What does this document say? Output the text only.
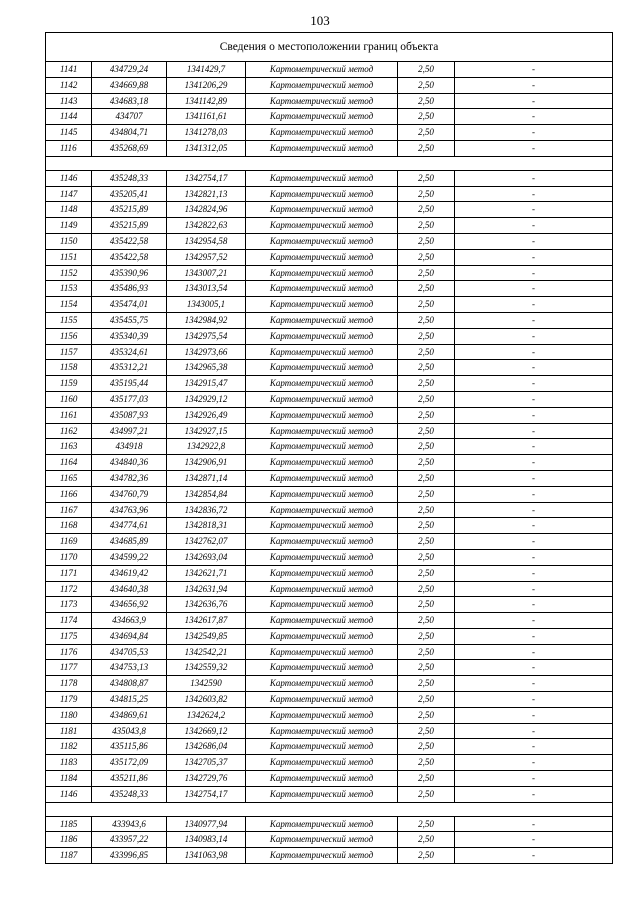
103
Сведения о местоположении границ объекта
1141	434729,24	1341429,7	Картометрический метод	2,50	-
1142	434669,88	1341206,29	Картометрический метод	2,50	-
1143	434683,18	1341142,89	Картометрический метод	2,50	-
1144	434707	1341161,61	Картометрический метод	2,50	-
1145	434804,71	1341278,03	Картометрический метод	2,50	-
1116	435268,69	1341312,05	Картометрический метод	2,50	-
1146	435248,33	1342754,17	Картометрический метод	2,50	-
1147	435205,41	1342821,13	Картометрический метод	2,50	-
1148	435215,89	1342824,96	Картометрический метод	2,50	-
1149	435215,89	1342822,63	Картометрический метод	2,50	-
1150	435422,58	1342954,58	Картометрический метод	2,50	-
1151	435422,58	1342957,52	Картометрический метод	2,50	-
1152	435390,96	1343007,21	Картометрический метод	2,50	-
1153	435486,93	1343013,54	Картометрический метод	2,50	-
1154	435474,01	1343005,1	Картометрический метод	2,50	-
1155	435455,75	1342984,92	Картометрический метод	2,50	-
1156	435340,39	1342975,54	Картометрический метод	2,50	-
1157	435324,61	1342973,66	Картометрический метод	2,50	-
1158	435312,21	1342965,38	Картометрический метод	2,50	-
1159	435195,44	1342915,47	Картометрический метод	2,50	-
1160	435177,03	1342929,12	Картометрический метод	2,50	-
1161	435087,93	1342926,49	Картометрический метод	2,50	-
1162	434997,21	1342927,15	Картометрический метод	2,50	-
1163	434918	1342922,8	Картометрический метод	2,50	-
1164	434840,36	1342906,91	Картометрический метод	2,50	-
1165	434782,36	1342871,14	Картометрический метод	2,50	-
1166	434760,79	1342854,84	Картометрический метод	2,50	-
1167	434763,96	1342836,72	Картометрический метод	2,50	-
1168	434774,61	1342818,31	Картометрический метод	2,50	-
1169	434685,89	1342762,07	Картометрический метод	2,50	-
1170	434599,22	1342693,04	Картометрический метод	2,50	-
1171	434619,42	1342621,71	Картометрический метод	2,50	-
1172	434640,38	1342631,94	Картометрический метод	2,50	-
1173	434656,92	1342636,76	Картометрический метод	2,50	-
1174	434663,9	1342617,87	Картометрический метод	2,50	-
1175	434694,84	1342549,85	Картометрический метод	2,50	-
1176	434705,53	1342542,21	Картометрический метод	2,50	-
1177	434753,13	1342559,32	Картометрический метод	2,50	-
1178	434808,87	1342590	Картометрический метод	2,50	-
1179	434815,25	1342603,82	Картометрический метод	2,50	-
1180	434869,61	1342624,2	Картометрический метод	2,50	-
1181	435043,8	1342669,12	Картометрический метод	2,50	-
1182	435115,86	1342686,04	Картометрический метод	2,50	-
1183	435172,09	1342705,37	Картометрический метод	2,50	-
1184	435211,86	1342729,76	Картометрический метод	2,50	-
1146	435248,33	1342754,17	Картометрический метод	2,50	-
1185	433943,6	1340977,94	Картометрический метод	2,50	-
1186	433957,22	1340983,14	Картометрический метод	2,50	-
1187	433996,85	1341063,98	Картометрический метод	2,50	-
